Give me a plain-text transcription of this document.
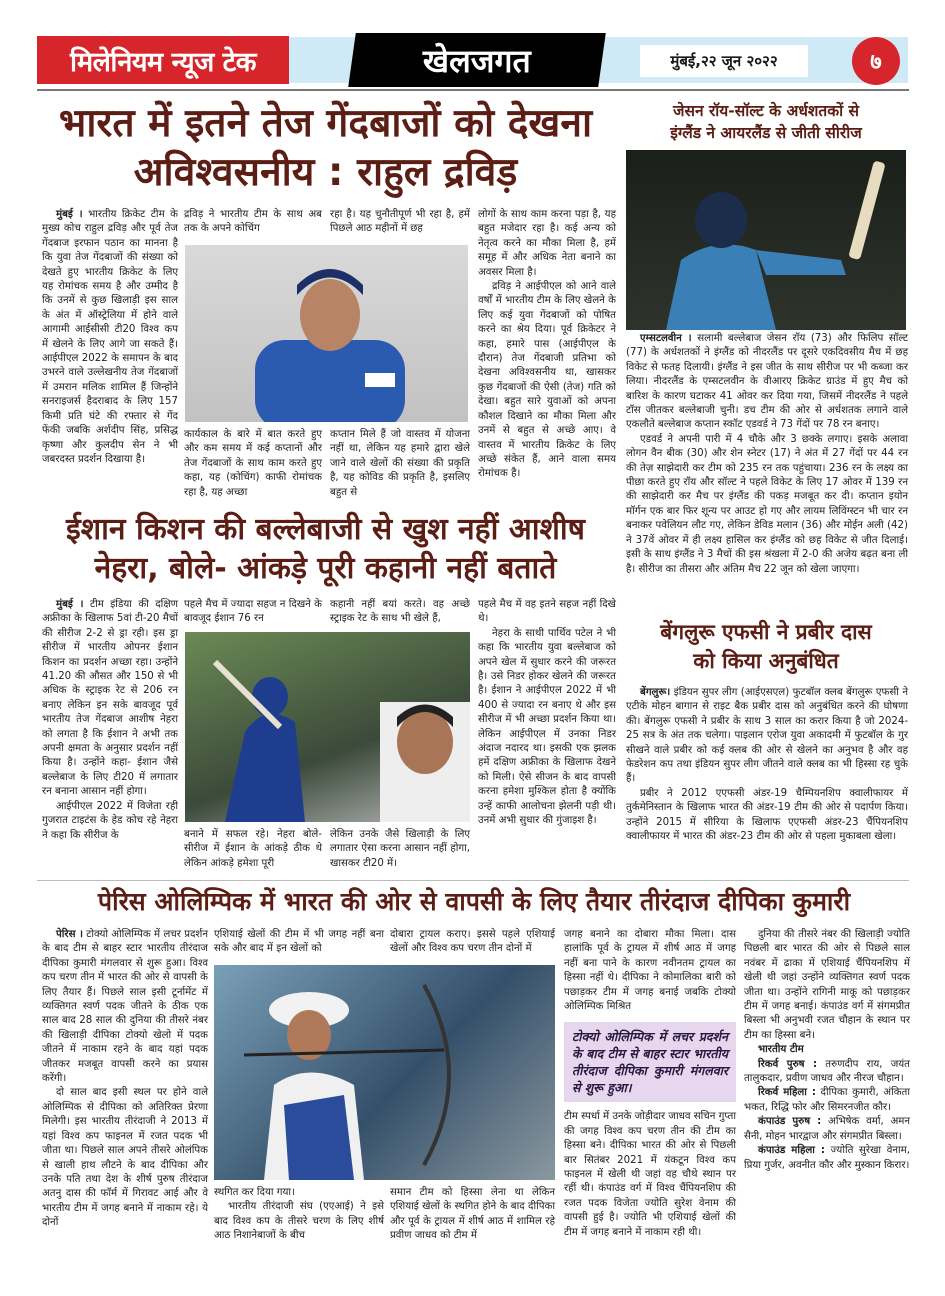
मिलेनियम न्यूज टेक	खेलजगत	मुंबई,२२ जून २०२२	७
भारत में इतने तेज गेंदबाजों को देखना
अविश्वसनीय : राहुल द्रविड़

मुंबई । भारतीय क्रिकेट टीम के मुख्य कोच राहुल द्रविड़ और पूर्व तेज गेंदबाज इरफान पठान का मानना है कि युवा तेज गेंदबाजों की संख्या को देखते हुए भारतीय क्रिकेट के लिए यह रोमांचक समय है और उम्मीद है कि उनमें से कुछ खिलाड़ी इस साल के अंत में ऑस्ट्रेलिया में होने वाले आगामी आईसीसी टी20 विश्व कप में खेलने के लिए आगे जा सकते हैं। आईपीएल 2022 के समापन के बाद उभरने वाले उल्लेखनीय तेज गेंदबाजों में उमरान मलिक शामिल हैं जिन्होंने सनराइजर्स हैदराबाद के लिए 157 किमी प्रति घंटे की रफ्तार से गेंद फेंकी जबकि अर्शदीप सिंह, प्रसिद्ध कृष्णा और कुलदीप सेन ने भी जबरदस्त प्रदर्शन दिखाया है।

द्रविड़ ने भारतीय टीम के साथ अब तक के अपने कोचिंग

रहा है। यह चुनौतीपूर्ण भी रहा है, हमें पिछले आठ महीनों में छह

कार्यकाल के बारे में बात करते हुए और कम समय में कई कप्तानों और तेज गेंदबाजों के साथ काम करते हुए कहा, यह (कोचिंग) काफी रोमांचक रहा है, यह अच्छा

कप्तान मिले हैं जो वास्तव में योजना नहीं था, लेकिन यह हमारे द्वारा खेले जाने वाले खेलों की संख्या की प्रकृति है, यह कोविड की प्रकृति है, इसलिए बहुत से

लोगों के साथ काम करना पड़ा है, यह बहुत मजेदार रहा है। कई अन्य को नेतृत्व करने का मौका मिला है, हमें समूह में और अधिक नेता बनाने का अवसर मिला है।

द्रविड़ ने आईपीएल को आने वाले वर्षों में भारतीय टीम के लिए खेलने के लिए कई युवा गेंदबाजों को पोषित करने का श्रेय दिया। पूर्व क्रिकेटर ने कहा, हमारे पास (आईपीएल के दौरान) तेज गेंदबाजी प्रतिभा को देखना अविश्वसनीय था, खासकर कुछ गेंदबाजों की ऐसी (तेज) गति को देखा। बहुत सारे युवाओं को अपना कौशल दिखाने का मौका मिला और उनमें से बहुत से अच्छे आए। वे वास्तव में भारतीय क्रिकेट के लिए अच्छे संकेत हैं, आने वाला समय रोमांचक है।

ईशान किशन की बल्लेबाजी से खुश नहीं आशीष
नेहरा, बोले- आंकड़े पूरी कहानी नहीं बताते

मुंबई । टीम इंडिया की दक्षिण अफ्रीका के खिलाफ 5वां टी-20 मैचों की सीरीज 2-2 से ड्रा रही। इस ड्रा सीरीज में भारतीय ओपनर ईशान किशन का प्रदर्शन अच्छा रहा। उन्होंने 41.20 की औसत और 150 से भी अधिक के स्ट्राइक रेट से 206 रन बनाए लेकिन इन सके बावजूद पूर्व भारतीय तेज गेंदबाज आशीष नेहरा को लगता है कि ईशान ने अभी तक अपनी क्षमता के अनुसार प्रदर्शन नहीं किया है। उन्होंने कहा- ईशान जैसे बल्लेबाज के लिए टी20 में लगातार रन बनाना आसान नहीं होगा।

आईपीएल 2022 में विजेता रही गुजरात टाइटंस के हेड कोच रहे नेहरा ने कहा कि सीरीज के

पहले मैच में ज्यादा सहज न दिखने के बावजूद ईशान 76 रन

कहानी नहीं बयां करते। वह अच्छे स्ट्राइक रेट के साथ भी खेले हैं,

बनाने में सफल रहे। नेहरा बोले- सीरीज में ईशान के आंकड़े ठीक थे लेकिन आंकड़े हमेशा पूरी

लेकिन उनके जैसे खिलाड़ी के लिए लगातार ऐसा करना आसान नहीं होगा, खासकर टी20 में।

पहले मैच में वह इतने सहज नहीं दिखे थे।

नेहरा के साथी पार्थिव पटेल ने भी कहा कि भारतीय युवा बल्लेबाज को अपने खेल में सुधार करने की जरूरत है। उसे निडर होकर खेलने की जरूरत है। ईशान ने आईपीएल 2022 में भी 400 से ज्यादा रन बनाए थे और इस सीरीज में भी अच्छा प्रदर्शन किया था। लेकिन आईपीएल में उनका निडर अंदाज नदारद था। इसकी एक झलक हमें दक्षिण अफ्रीका के खिलाफ देखने को मिली। ऐसे सीजन के बाद वापसी करना हमेशा मुश्किल होता है क्योंकि उन्हें काफी आलोचना झेलनी पड़ी थी। उनमें अभी सुधार की गुंजाइश है।

जेसन रॉय-सॉल्ट के अर्धशतकों से
इंग्लैंड ने आयरलैंड से जीती सीरीज

एम्सटलवीन । सलामी बल्लेबाज जेसन रॉय (73) और फिलिप सॉल्ट (77) के अर्धशतकों ने इंग्लैंड को नीदरलैंड पर दूसरे एकदिवसीय मैच में छह विकेट से फतह दिलायी। इंग्लैंड ने इस जीत के साथ सीरीज पर भी कब्जा कर लिया। नीदरलैंड के एम्सटलवीन के वीआरए क्रिकेट ग्राउंड में हुए मैच को बारिश के कारण घटाकर 41 ओवर कर दिया गया, जिसमें नीदरलैंड ने पहले टॉस जीतकर बल्लेबाजी चुनी। डच टीम की ओर से अर्धशतक लगाने वाले एकलौते बल्लेबाज कप्तान स्कॉट एडवर्ड ने 73 गेंदों पर 78 रन बनाए।

एडवर्ड ने अपनी पारी में 4 चौके और 3 छक्के लगाए। इसके अलावा लोगन वैन बीक (30) और शेन स्नेटर (17) ने अंत में 27 गेंदों पर 44 रन की तेज़ साझेदारी कर टीम को 235 रन तक पहुंचाया। 236 रन के लक्ष्य का पीछा करते हुए रॉय और सॉल्ट ने पहले विकेट के लिए 17 ओवर में 139 रन की साझेदारी कर मैच पर इंग्लैंड की पकड़ मजबूत कर दी। कप्तान इयोन मॉर्गन एक बार फिर शून्य पर आउट हो गए और लायम लिविंग्स्टन भी चार रन बनाकर पवेलियन लौट गए, लेकिन डेविड मलान (36) और मोईन अली (42) ने 37वें ओवर में ही लक्ष्य हासिल कर इंग्लैंड को छह विकेट से जीत दिलाई। इसी के साथ इंग्लैंड ने 3 मैचों की इस श्रंखला में 2-0 की अजेय बढ़त बना ली है। सीरीज का तीसरा और अंतिम मैच 22 जून को खेला जाएगा।

बेंगलुरू एफसी ने प्रबीर दास
को किया अनुबंधित

बेंगलुरू। इंडियन सुपर लीग (आईएसएल) फुटबॉल क्लब बेंगलुरू एफसी ने एटीके मोहन बागान से राइट बैक प्रबीर दास को अनुबंधित करने की घोषणा की। बेंगलुरू एफसी ने प्रबीर के साथ 3 साल का करार किया है जो 2024-25 सत्र के अंत तक चलेगा। पाइलान एरोज युवा अकादमी में फुटबॉल के गुर सीखने वाले प्रबीर को कई क्लब की ओर से खेलने का अनुभव है और वह फेडरेशन कप तथा इंडियन सुपर लीग जीतने वाले क्लब का भी हिस्सा रह चुके हैं।

प्रबीर ने 2012 एएफसी अंडर-19 चैम्पियनशिप क्वालीफायर में तुर्कमेनिस्तान के खिलाफ भारत की अंडर-19 टीम की ओर से पदार्पण किया। उन्होंने 2015 में सीरिया के खिलाफ एएफसी अंडर-23 चैंपियनशिप क्वालीफायर में भारत की अंडर-23 टीम की ओर से पहला मुकाबला खेला।

पेरिस ओलिम्पिक में भारत की ओर से वापसी के लिए तैयार तीरंदाज दीपिका कुमारी

पेरिस । टोक्यो ओलिम्पिक में लचर प्रदर्शन के बाद टीम से बाहर स्टार भारतीय तीरंदाज दीपिका कुमारी मंगलवार से शुरू हुआ। विश्व कप चरण तीन में भारत की ओर से वापसी के लिए तैयार हैं। पिछले साल इसी टूर्नामेंट में व्यक्तिगत स्वर्ण पदक जीतने के ठीक एक साल बाद 28 साल की दुनिया की तीसरे नंबर की खिलाड़ी दीपिका टोक्यो खेलो में पदक जीतने में नाकाम रहने के बाद यहां पदक जीतकर मजबूत वापसी करने का प्रयास करेंगी।

दो साल बाद इसी स्थल पर होने वाले ओलिम्पिक से दीपिका को अतिरिक्त प्रेरणा मिलेगी। इस भारतीय तीरंदाजी ने 2013 में यहां विश्व कप फाइनल में रजत पदक भी जीता था। पिछले साल अपने तीसरे ओलंपिक से खाली हाथ लौटने के बाद दीपिका और उनके पति तथा देश के शीर्ष पुरुष तीरंदाज अतनु दास की फॉर्म में गिरावट आई और वे भारतीय टीम में जगह बनाने में नाकाम रहे। ये दोनों

एशियाई खेलों की टीम में भी जगह नहीं बना सके और बाद में इन खेलों को

दोबारा ट्रायल कराए। इससे पहले एशियाई खेलों और विश्व कप चरण तीन दोनों में

स्थगित कर दिया गया।

भारतीय तीरंदाजी संघ (एएआई) ने इसे बाद विश्व कप के तीसरे चरण के लिए शीर्ष आठ निशानेबाजों के बीच

समान टीम को हिस्सा लेना था लेकिन एशियाई खेलों के स्थगित होने के बाद दीपिका और पूर्व के ट्रायल में शीर्ष आठ में शामिल रहे प्रवीण जाधव को टीम में

जगह बनाने का दोबारा मौका मिला। दास हालांकि पूर्व के ट्रायल में शीर्ष आठ में जगह नहीं बना पाने के कारण नवीनतम ट्रायल का हिस्सा नहीं थे। दीपिका ने कोमालिका बारी को पछाड़कर टीम में जगह बनाई जबकि टोक्यो ओलिम्पिक मिश्रित

टोक्यो ओलिम्पिक में लचर प्रदर्शन के बाद टीम से बाहर स्टार भारतीय तीरंदाज दीपिका कुमारी मंगलवार से शुरू हुआ।

टीम स्पर्धा में उनके जोड़ीदार जाधव सचिन गुप्ता की जगह विश्व कप चरण तीन की टीम का हिस्सा बने। दीपिका भारत की ओर से पिछली बार सितंबर 2021 में यंकटून विश्व कप फाइनल में खेली थी जहां वह चौथे स्थान पर रहीं थी। कंपाउंड वर्ग में विश्व चैंपियनशिप की रजत पदक विजेता ज्योति सुरेश वेनाम की वापसी हुई है। ज्योति भी एशियाई खेलों की टीम में जगह बनाने में नाकाम रही थी।

दुनिया की तीसरे नंबर की खिलाड़ी ज्योति पिछली बार भारत की ओर से पिछले साल नवंबर में ढाका में एशियाई चैंपियनशिप में खेली थी जहां उन्होंने व्यक्तिगत स्वर्ण पदक जीता था। उन्होंने रागिनी माकू को पछाड़कर टीम में जगह बनाई। कंपाउंड वर्ग में संगमप्रीत बिस्ला भी अनुभवी रजत चौहान के स्थान पर टीम का हिस्सा बने।

भारतीय टीम

रिकर्व पुरुष : तरुणदीप राय, जयंत तालुकदार, प्रवीण जाधव और नीरज चौहान।

रिकर्व महिला : दीपिका कुमारी, अंकिता भकत, रिद्धि फोर और सिमरनजीत कौर।

कंपाउंड पुरुष : अभिषेक वर्मा, अमन सैनी, मोहन भारद्वाज और संगमप्रीत बिस्ला।

कंपाउंड महिला : ज्योति सुरेखा वेनाम, प्रिया गुर्जर, अवनीत कौर और मुस्कान किरार।
